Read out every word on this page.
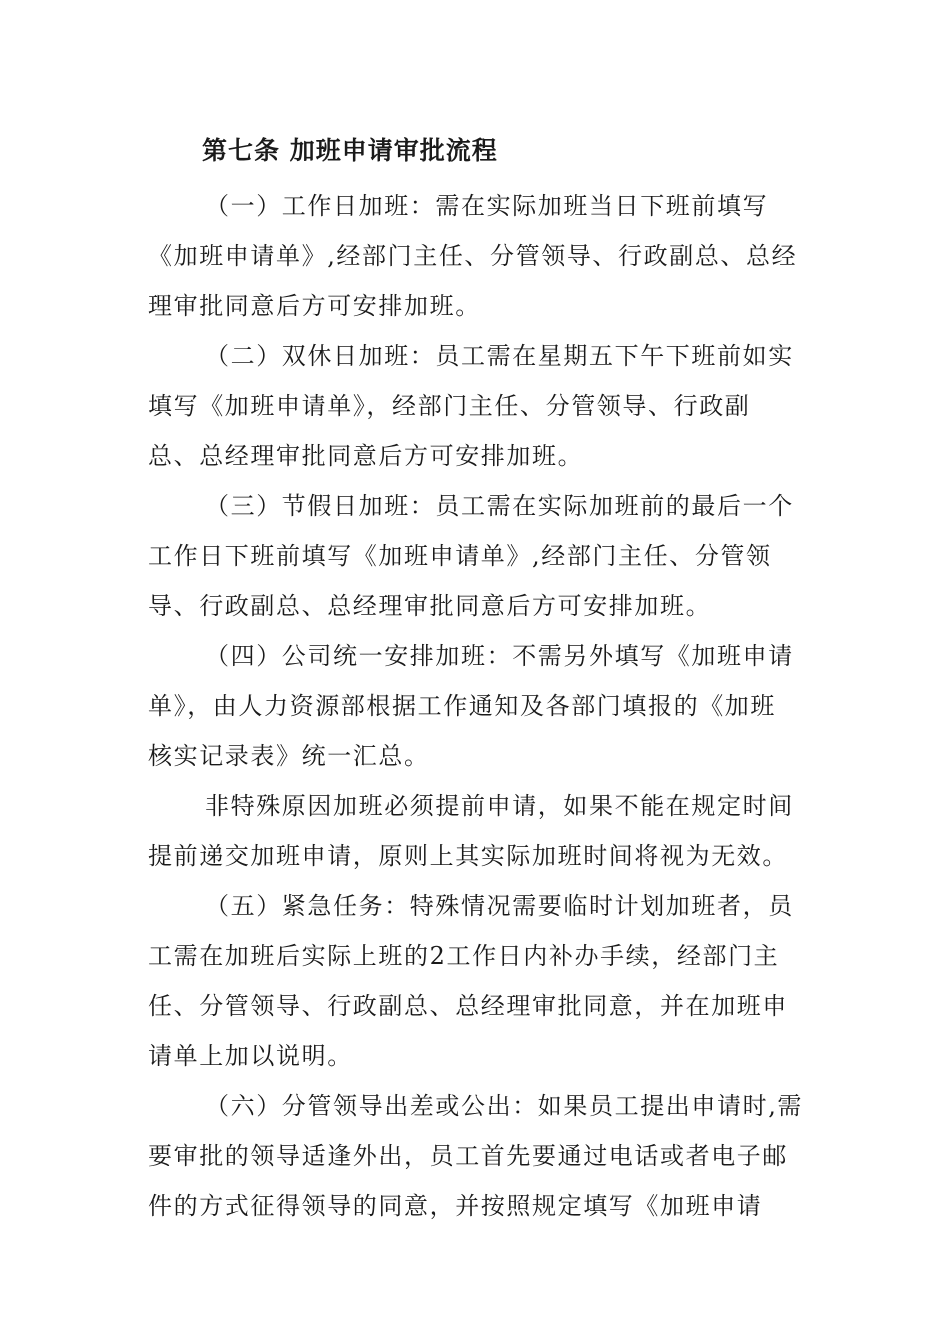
第七条 加班申请审批流程
（一）工作日加班：需在实际加班当日下班前填写
《加班申请单》,经部门主任、分管领导、行政副总、总经
理审批同意后方可安排加班。
（二）双休日加班：员工需在星期五下午下班前如实
填写《加班申请单》，经部门主任、分管领导、行政副
总、总经理审批同意后方可安排加班。
（三）节假日加班：员工需在实际加班前的最后一个
工作日下班前填写《加班申请单》,经部门主任、分管领
导、行政副总、总经理审批同意后方可安排加班。
（四）公司统一安排加班：不需另外填写《加班申请
单》，由人力资源部根据工作通知及各部门填报的《加班
核实记录表》统一汇总。
非特殊原因加班必须提前申请，如果不能在规定时间
提前递交加班申请，原则上其实际加班时间将视为无效。
（五）紧急任务：特殊情况需要临时计划加班者，员
工需在加班后实际上班的2工作日内补办手续，经部门主
任、分管领导、行政副总、总经理审批同意，并在加班申
请单上加以说明。
（六）分管领导出差或公出：如果员工提出申请时,需
要审批的领导适逢外出，员工首先要通过电话或者电子邮
件的方式征得领导的同意，并按照规定填写《加班申请
